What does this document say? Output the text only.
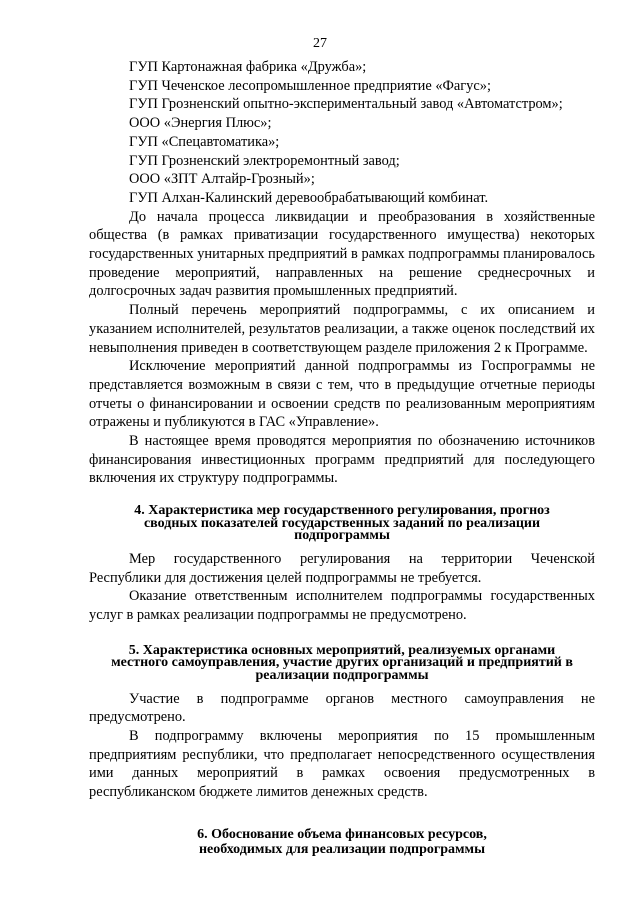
27
ГУП Картонажная фабрика «Дружба»;
ГУП Чеченское лесопромышленное предприятие «Фагус»;
ГУП Грозненский опытно-экспериментальный завод «Автоматстром»;
ООО «Энергия Плюс»;
ГУП «Спецавтоматика»;
ГУП Грозненский электроремонтный завод;
ООО «ЗПТ Алтайр-Грозный»;
ГУП Алхан-Калинский деревообрабатывающий комбинат.

До начала процесса ликвидации и преобразования в хозяйственные общества (в рамках приватизации государственного имущества) некоторых государственных унитарных предприятий в рамках подпрограммы планировалось проведение мероприятий, направленных на решение среднесрочных и долгосрочных задач развития промышленных предприятий.

Полный перечень мероприятий подпрограммы, с их описанием и указанием исполнителей, результатов реализации, а также оценок последствий их невыполнения приведен в соответствующем разделе приложения 2 к Программе.

Исключение мероприятий данной подпрограммы из Госпрограммы не представляется возможным в связи с тем, что в предыдущие отчетные периоды отчеты о финансировании и освоении средств по реализованным мероприятиям отражены и публикуются в ГАС «Управление».

В настоящее время проводятся мероприятия по обозначению источников финансирования инвестиционных программ предприятий для последующего включения их структуру подпрограммы.

4. Характеристика мер государственного регулирования, прогноз
сводных показателей государственных заданий по реализации
подпрограммы

Мер государственного регулирования на территории Чеченской Республики для достижения целей подпрограммы не требуется.

Оказание ответственным исполнителем подпрограммы государственных услуг в рамках реализации подпрограммы не предусмотрено.

5. Характеристика основных мероприятий, реализуемых органами
местного самоуправления, участие других организаций и предприятий в
реализации подпрограммы

Участие в подпрограмме органов местного самоуправления не предусмотрено.

В подпрограмму включены мероприятия по 15 промышленным предприятиям республики, что предполагает непосредственного осуществления ими данных мероприятий в рамках освоения предусмотренных в республиканском бюджете лимитов денежных средств.

6. Обоснование объема финансовых ресурсов,
необходимых для реализации подпрограммы
